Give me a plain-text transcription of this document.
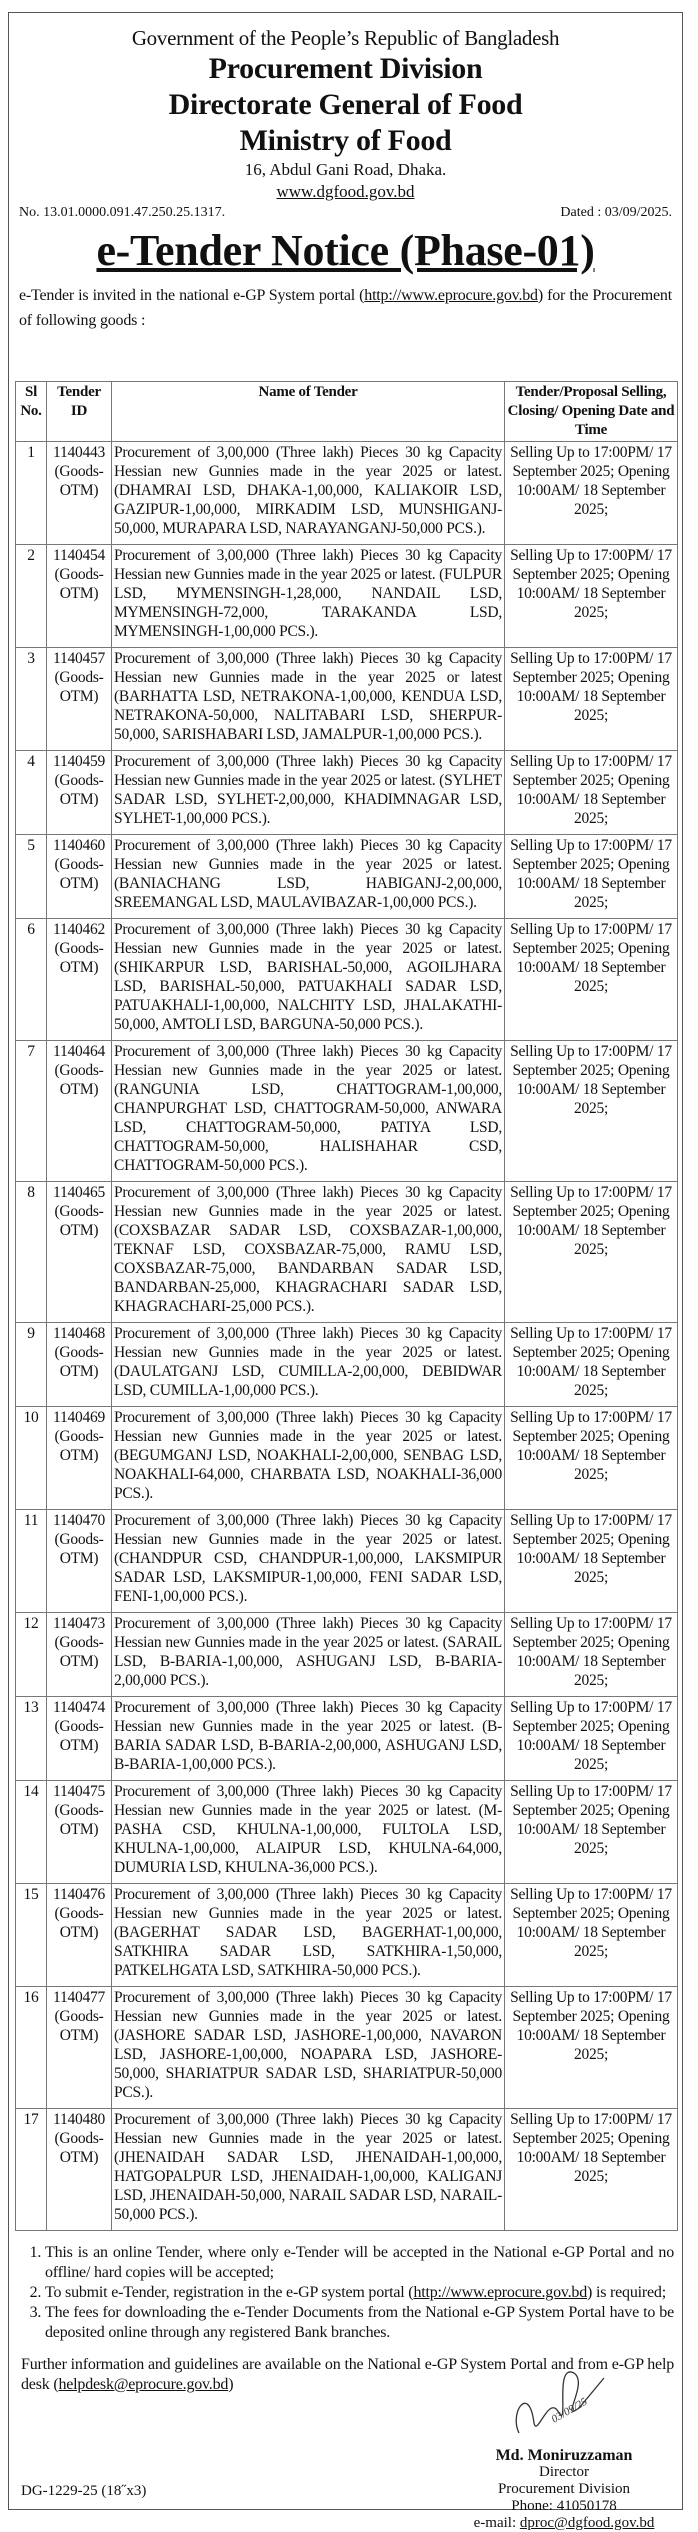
Government of the People’s Republic of Bangladesh
Procurement Division
Directorate General of Food
Ministry of Food
16, Abdul Gani Road, Dhaka.
www.dgfood.gov.bd
No. 13.01.0000.091.47.250.25.1317.	Dated : 03/09/2025.
e-Tender Notice (Phase-01)
e-Tender is invited in the national e-GP System portal (http://www.eprocure.gov.bd) for the Procurement of following goods :
Sl No.	Tender ID	Name of Tender	Tender/Proposal Selling, Closing/ Opening Date and Time
1	1140443 (Goods-OTM)	Procurement of 3,00,000 (Three lakh) Pieces 30 kg Capacity Hessian new Gunnies made in the year 2025 or latest. (DHAMRAI LSD, DHAKA-1,00,000, KALIAKOIR LSD, GAZIPUR-1,00,000, MIRKADIM LSD, MUNSHIGANJ-50,000, MURAPARA LSD, NARAYANGANJ-50,000 PCS.).	Selling Up to 17:00PM/ 17 September 2025; Opening 10:00AM/ 18 September 2025;
2	1140454 (Goods-OTM)	Procurement of 3,00,000 (Three lakh) Pieces 30 kg Capacity Hessian new Gunnies made in the year 2025 or latest. (FULPUR LSD, MYMENSINGH-1,28,000, NANDAIL LSD, MYMENSINGH-72,000, TARAKANDA LSD, MYMENSINGH-1,00,000 PCS.).	Selling Up to 17:00PM/ 17 September 2025; Opening 10:00AM/ 18 September 2025;
3	1140457 (Goods-OTM)	Procurement of 3,00,000 (Three lakh) Pieces 30 kg Capacity Hessian new Gunnies made in the year 2025 or latest (BARHATTA LSD, NETRAKONA-1,00,000, KENDUA LSD, NETRAKONA-50,000, NALITABARI LSD, SHERPUR-50,000, SARISHABARI LSD, JAMALPUR-1,00,000 PCS.).	Selling Up to 17:00PM/ 17 September 2025; Opening 10:00AM/ 18 September 2025;
4	1140459 (Goods-OTM)	Procurement of 3,00,000 (Three lakh) Pieces 30 kg Capacity Hessian new Gunnies made in the year 2025 or latest. (SYLHET SADAR LSD, SYLHET-2,00,000, KHADIMNAGAR LSD, SYLHET-1,00,000 PCS.).	Selling Up to 17:00PM/ 17 September 2025; Opening 10:00AM/ 18 September 2025;
5	1140460 (Goods-OTM)	Procurement of 3,00,000 (Three lakh) Pieces 30 kg Capacity Hessian new Gunnies made in the year 2025 or latest. (BANIACHANG LSD, HABIGANJ-2,00,000, SREEMANGAL LSD, MAULAVIBAZAR-1,00,000 PCS.).	Selling Up to 17:00PM/ 17 September 2025; Opening 10:00AM/ 18 September 2025;
6	1140462 (Goods-OTM)	Procurement of 3,00,000 (Three lakh) Pieces 30 kg Capacity Hessian new Gunnies made in the year 2025 or latest. (SHIKARPUR LSD, BARISHAL-50,000, AGOILJHARA LSD, BARISHAL-50,000, PATUAKHALI SADAR LSD, PATUAKHALI-1,00,000, NALCHITY LSD, JHALAKATHI-50,000, AMTOLI LSD, BARGUNA-50,000 PCS.).	Selling Up to 17:00PM/ 17 September 2025; Opening 10:00AM/ 18 September 2025;
7	1140464 (Goods-OTM)	Procurement of 3,00,000 (Three lakh) Pieces 30 kg Capacity Hessian new Gunnies made in the year 2025 or latest. (RANGUNIA LSD, CHATTOGRAM-1,00,000, CHANPURGHAT LSD, CHATTOGRAM-50,000, ANWARA LSD, CHATTOGRAM-50,000, PATIYA LSD, CHATTOGRAM-50,000, HALISHAHAR CSD, CHATTOGRAM-50,000 PCS.).	Selling Up to 17:00PM/ 17 September 2025; Opening 10:00AM/ 18 September 2025;
8	1140465 (Goods-OTM)	Procurement of 3,00,000 (Three lakh) Pieces 30 kg Capacity Hessian new Gunnies made in the year 2025 or latest. (COXSBAZAR SADAR LSD, COXSBAZAR-1,00,000, TEKNAF LSD, COXSBAZAR-75,000, RAMU LSD, COXSBAZAR-75,000, BANDARBAN SADAR LSD, BANDARBAN-25,000, KHAGRACHARI SADAR LSD, KHAGRACHARI-25,000 PCS.).	Selling Up to 17:00PM/ 17 September 2025; Opening 10:00AM/ 18 September 2025;
9	1140468 (Goods-OTM)	Procurement of 3,00,000 (Three lakh) Pieces 30 kg Capacity Hessian new Gunnies made in the year 2025 or latest. (DAULATGANJ LSD, CUMILLA-2,00,000, DEBIDWAR LSD, CUMILLA-1,00,000 PCS.).	Selling Up to 17:00PM/ 17 September 2025; Opening 10:00AM/ 18 September 2025;
10	1140469 (Goods-OTM)	Procurement of 3,00,000 (Three lakh) Pieces 30 kg Capacity Hessian new Gunnies made in the year 2025 or latest. (BEGUMGANJ LSD, NOAKHALI-2,00,000, SENBAG LSD, NOAKHALI-64,000, CHARBATA LSD, NOAKHALI-36,000 PCS.).	Selling Up to 17:00PM/ 17 September 2025; Opening 10:00AM/ 18 September 2025;
11	1140470 (Goods-OTM)	Procurement of 3,00,000 (Three lakh) Pieces 30 kg Capacity Hessian new Gunnies made in the year 2025 or latest. (CHANDPUR CSD, CHANDPUR-1,00,000, LAKSMIPUR SADAR LSD, LAKSMIPUR-1,00,000, FENI SADAR LSD, FENI-1,00,000 PCS.).	Selling Up to 17:00PM/ 17 September 2025; Opening 10:00AM/ 18 September 2025;
12	1140473 (Goods-OTM)	Procurement of 3,00,000 (Three lakh) Pieces 30 kg Capacity Hessian new Gunnies made in the year 2025 or latest. (SARAIL LSD, B-BARIA-1,00,000, ASHUGANJ LSD, B-BARIA-2,00,000 PCS.).	Selling Up to 17:00PM/ 17 September 2025; Opening 10:00AM/ 18 September 2025;
13	1140474 (Goods-OTM)	Procurement of 3,00,000 (Three lakh) Pieces 30 kg Capacity Hessian new Gunnies made in the year 2025 or latest. (B-BARIA SADAR LSD, B-BARIA-2,00,000, ASHUGANJ LSD, B-BARIA-1,00,000 PCS.).	Selling Up to 17:00PM/ 17 September 2025; Opening 10:00AM/ 18 September 2025;
14	1140475 (Goods-OTM)	Procurement of 3,00,000 (Three lakh) Pieces 30 kg Capacity Hessian new Gunnies made in the year 2025 or latest. (M-PASHA CSD, KHULNA-1,00,000, FULTOLA LSD, KHULNA-1,00,000, ALAIPUR LSD, KHULNA-64,000, DUMURIA LSD, KHULNA-36,000 PCS.).	Selling Up to 17:00PM/ 17 September 2025; Opening 10:00AM/ 18 September 2025;
15	1140476 (Goods-OTM)	Procurement of 3,00,000 (Three lakh) Pieces 30 kg Capacity Hessian new Gunnies made in the year 2025 or latest. (BAGERHAT SADAR LSD, BAGERHAT-1,00,000, SATKHIRA SADAR LSD, SATKHIRA-1,50,000, PATKELHGATA LSD, SATKHIRA-50,000 PCS.).	Selling Up to 17:00PM/ 17 September 2025; Opening 10:00AM/ 18 September 2025;
16	1140477 (Goods-OTM)	Procurement of 3,00,000 (Three lakh) Pieces 30 kg Capacity Hessian new Gunnies made in the year 2025 or latest. (JASHORE SADAR LSD, JASHORE-1,00,000, NAVARON LSD, JASHORE-1,00,000, NOAPARA LSD, JASHORE-50,000, SHARIATPUR SADAR LSD, SHARIATPUR-50,000 PCS.).	Selling Up to 17:00PM/ 17 September 2025; Opening 10:00AM/ 18 September 2025;
17	1140480 (Goods-OTM)	Procurement of 3,00,000 (Three lakh) Pieces 30 kg Capacity Hessian new Gunnies made in the year 2025 or latest. (JHENAIDAH SADAR LSD, JHENAIDAH-1,00,000, HATGOPALPUR LSD, JHENAIDAH-1,00,000, KALIGANJ LSD, JHENAIDAH-50,000, NARAIL SADAR LSD, NARAIL-50,000 PCS.).	Selling Up to 17:00PM/ 17 September 2025; Opening 10:00AM/ 18 September 2025;
1. This is an online Tender, where only e-Tender will be accepted in the National e-GP Portal and no offline/ hard copies will be accepted;
2. To submit e-Tender, registration in the e-GP system portal (http://www.eprocure.gov.bd) is required;
3. The fees for downloading the e-Tender Documents from the National e-GP System Portal have to be deposited online through any registered Bank branches.
Further information and guidelines are available on the National e-GP System Portal and from e-GP help desk (helpdesk@eprocure.gov.bd)
03/09/25
Md. Moniruzzaman
Director
Procurement Division
Phone: 41050178
e-mail: dproc@dgfood.gov.bd
DG-1229-25 (18˝x3)
